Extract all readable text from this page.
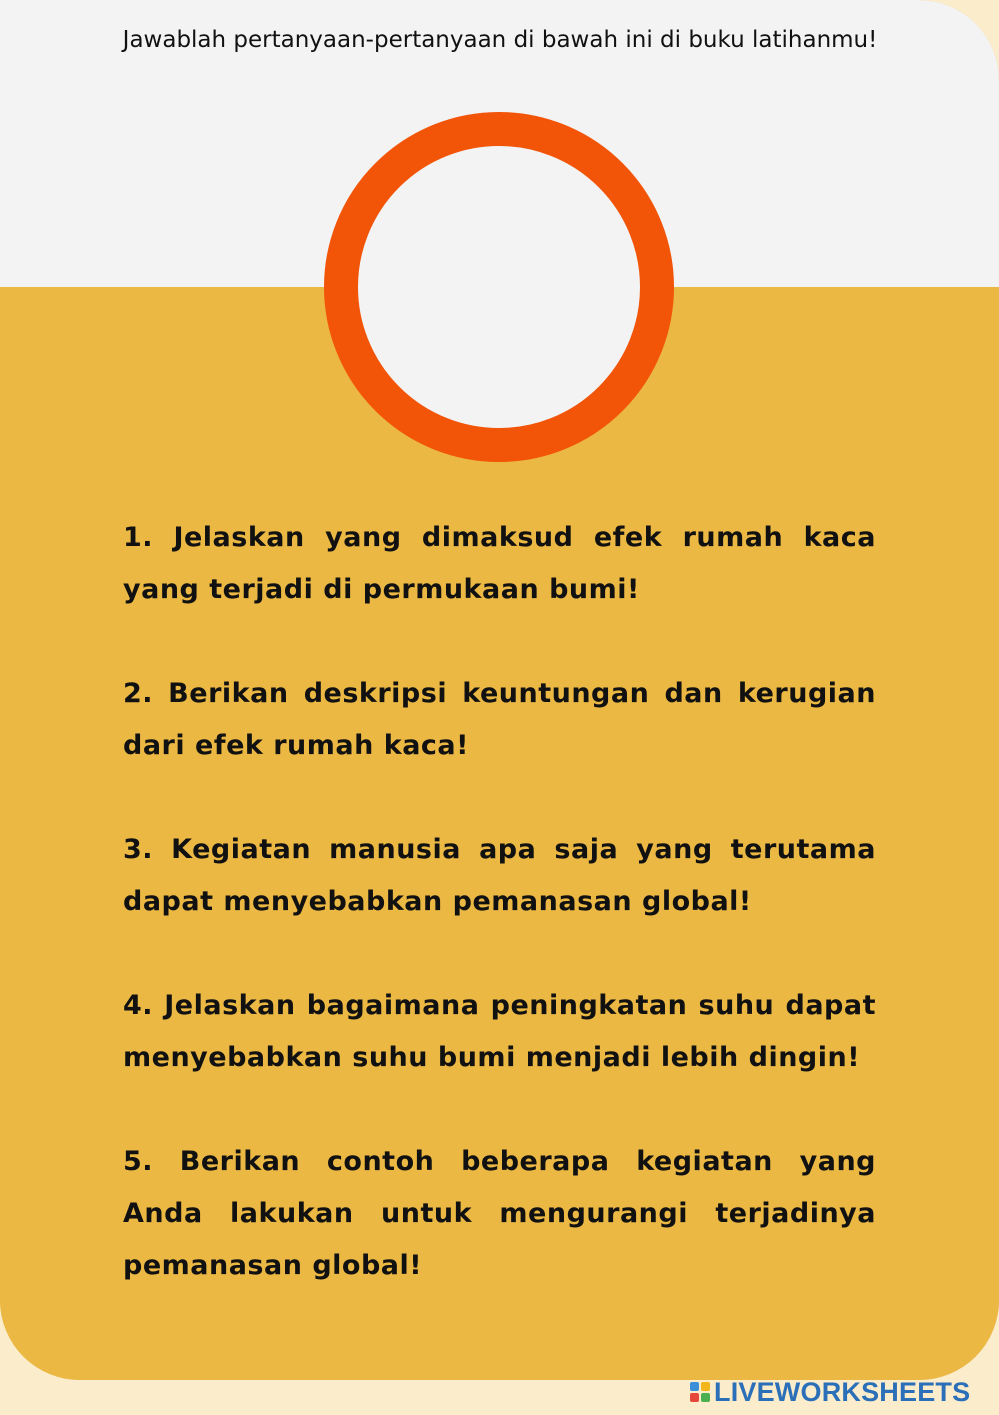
Jawablah pertanyaan-pertanyaan di bawah ini di buku latihanmu!

1. Jelaskan yang dimaksud efek rumah kaca yang terjadi di permukaan bumi!
2. Berikan deskripsi keuntungan dan kerugian dari efek rumah kaca!
3. Kegiatan manusia apa saja yang terutama dapat menyebabkan pemanasan global!
4. Jelaskan bagaimana peningkatan suhu dapat menyebabkan suhu bumi menjadi lebih dingin!
5. Berikan contoh beberapa kegiatan yang Anda lakukan untuk mengurangi terjadinya pemanasan global!
LIVEWORKSHEETS
